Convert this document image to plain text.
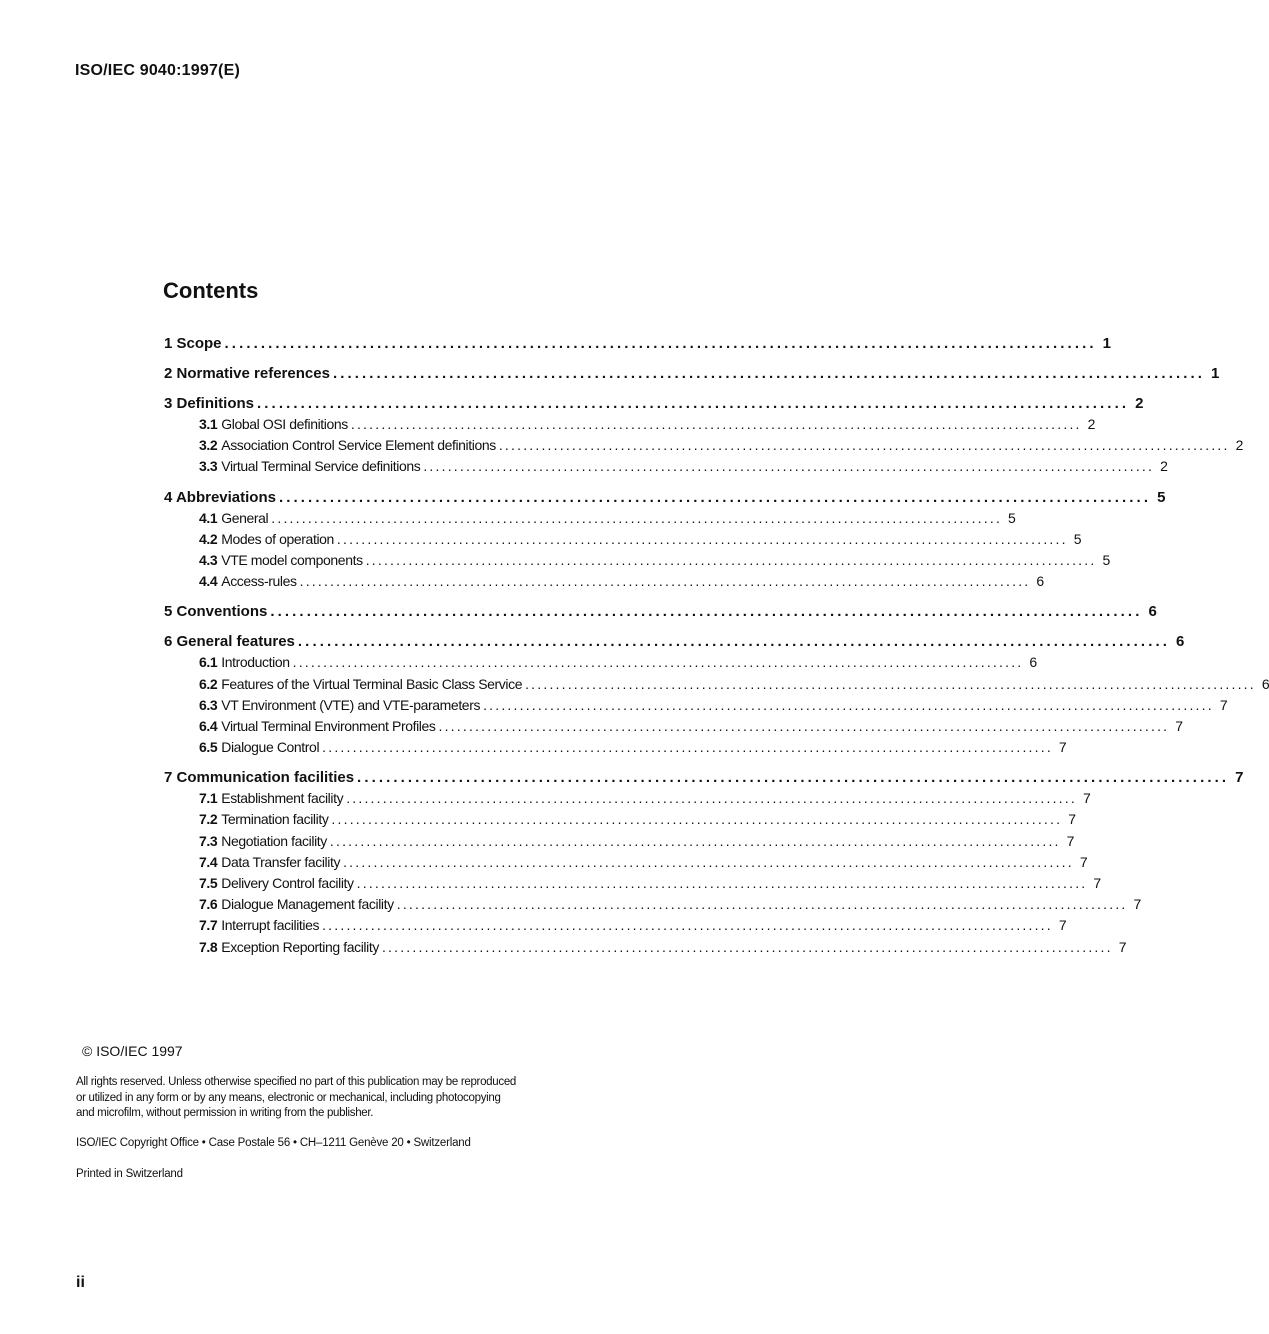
ISO/IEC 9040:1997(E)
Contents
1 Scope ........................................................................................................................ 1
2 Normative references ........................................................................................................................ 1
3 Definitions ........................................................................................................................ 2
3.1 Global OSI definitions ........................................................................................................................ 2
3.2 Association Control Service Element definitions ........................................................................................................................ 2
3.3 Virtual Terminal Service definitions ........................................................................................................................ 2
4 Abbreviations ........................................................................................................................ 5
4.1 General ........................................................................................................................ 5
4.2 Modes of operation ........................................................................................................................ 5
4.3 VTE model components ........................................................................................................................ 5
4.4 Access-rules ........................................................................................................................ 6
5 Conventions ........................................................................................................................ 6
6 General features ........................................................................................................................ 6
6.1 Introduction ........................................................................................................................ 6
6.2 Features of the Virtual Terminal Basic Class Service ........................................................................................................................ 6
6.3 VT Environment (VTE) and VTE-parameters ........................................................................................................................ 7
6.4 Virtual Terminal Environment Profiles ........................................................................................................................ 7
6.5 Dialogue Control ........................................................................................................................ 7
7 Communication facilities ........................................................................................................................ 7
7.1 Establishment facility ........................................................................................................................ 7
7.2 Termination facility ........................................................................................................................ 7
7.3 Negotiation facility ........................................................................................................................ 7
7.4 Data Transfer facility ........................................................................................................................ 7
7.5 Delivery Control facility ........................................................................................................................ 7
7.6 Dialogue Management facility ........................................................................................................................ 7
7.7 Interrupt facilities ........................................................................................................................ 7
7.8 Exception Reporting facility ........................................................................................................................ 7
© ISO/IEC 1997
All rights reserved. Unless otherwise specified no part of this publication may be reproduced
or utilized in any form or by any means, electronic or mechanical, including photocopying
and microfilm, without permission in writing from the publisher.
ISO/IEC Copyright Office • Case Postale 56 • CH–1211 Genève 20 • Switzerland
Printed in Switzerland
ii
